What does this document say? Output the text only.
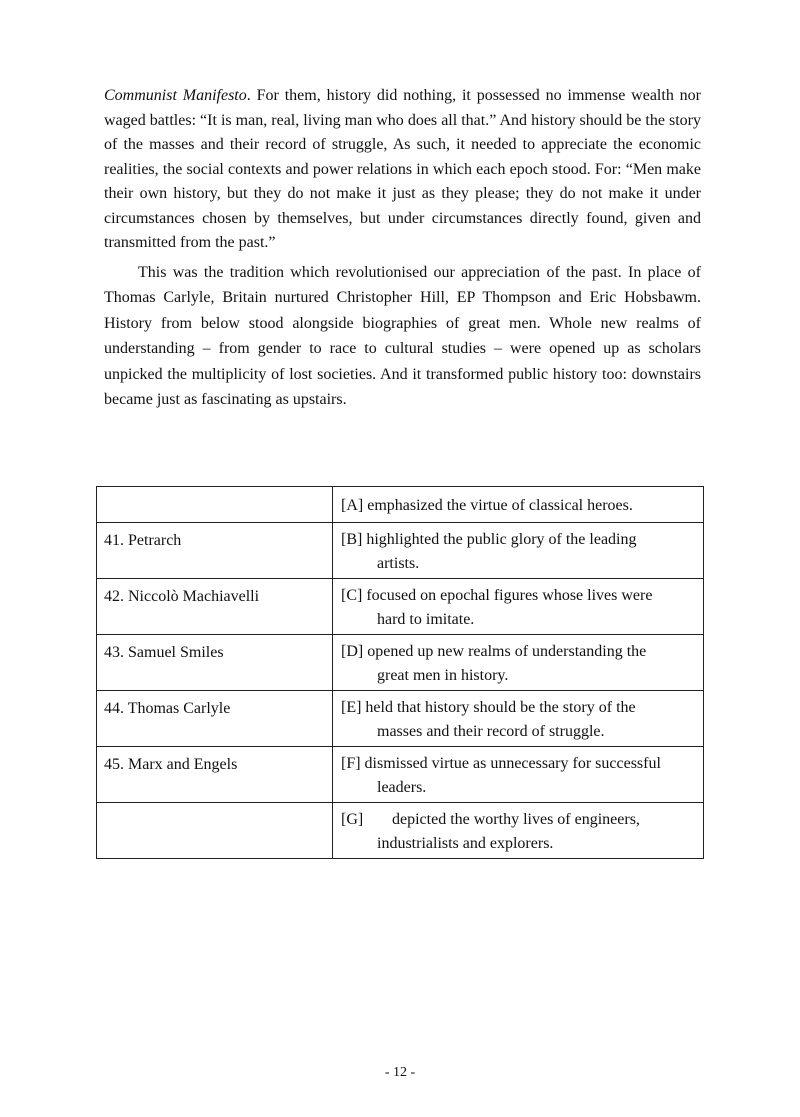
Communist Manifesto. For them, history did nothing, it possessed no immense wealth nor waged battles: “It is man, real, living man who does all that.” And history should be the story of the masses and their record of struggle, As such, it needed to appreciate the economic realities, the social contexts and power relations in which each epoch stood. For: “Men make their own history, but they do not make it just as they please; they do not make it under circumstances chosen by themselves, but under circumstances directly found, given and transmitted from the past.”

This was the tradition which revolutionised our appreciation of the past. In place of Thomas Carlyle, Britain nurtured Christopher Hill, EP Thompson and Eric Hobsbawm. History from below stood alongside biographies of great men. Whole new realms of understanding – from gender to race to cultural studies – were opened up as scholars unpicked the multiplicity of lost societies. And it transformed public history too: downstairs became just as fascinating as upstairs.

	[A] emphasized the virtue of classical heroes.

41. Petrarch	[B] highlighted the public glory of the leading
artists.

42. Niccolò Machiavelli	[C] focused on epochal figures whose lives were
hard to imitate.

43. Samuel Smiles	[D] opened up new realms of understanding the
great men in history.

44. Thomas Carlyle	[E] held that history should be the story of the
masses and their record of struggle.

45. Marx and Engels	[F] dismissed virtue as unnecessary for successful
leaders.

	[G] depicted the worthy lives of engineers,
industrialists and explorers.
- 12 -
